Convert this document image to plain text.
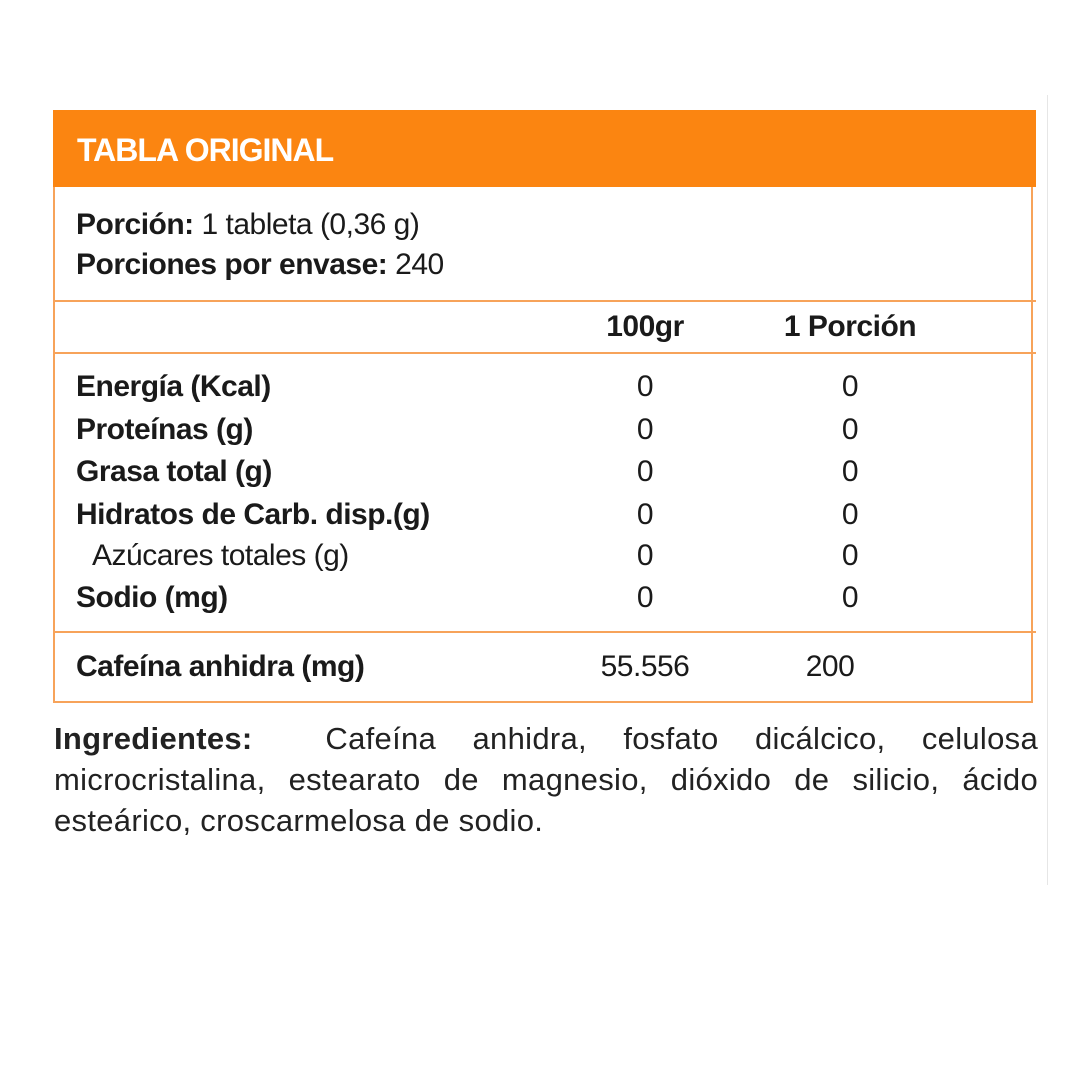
TABLA ORIGINAL
Porción: 1 tableta (0,36 g)
Porciones por envase: 240
100gr	1 Porción
Energía (Kcal)	0	0
Proteínas (g)	0	0
Grasa total (g)	0	0
Hidratos de Carb. disp.(g)	0	0
Azúcares totales (g)	0	0
Sodio (mg)	0	0
Cafeína anhidra (mg)	55.556	200
Ingredientes: Cafeína anhidra, fosfato dicálcico, celulosa microcristalina, estearato de magnesio, dióxido de silicio, ácido esteárico, croscarmelosa de sodio.
